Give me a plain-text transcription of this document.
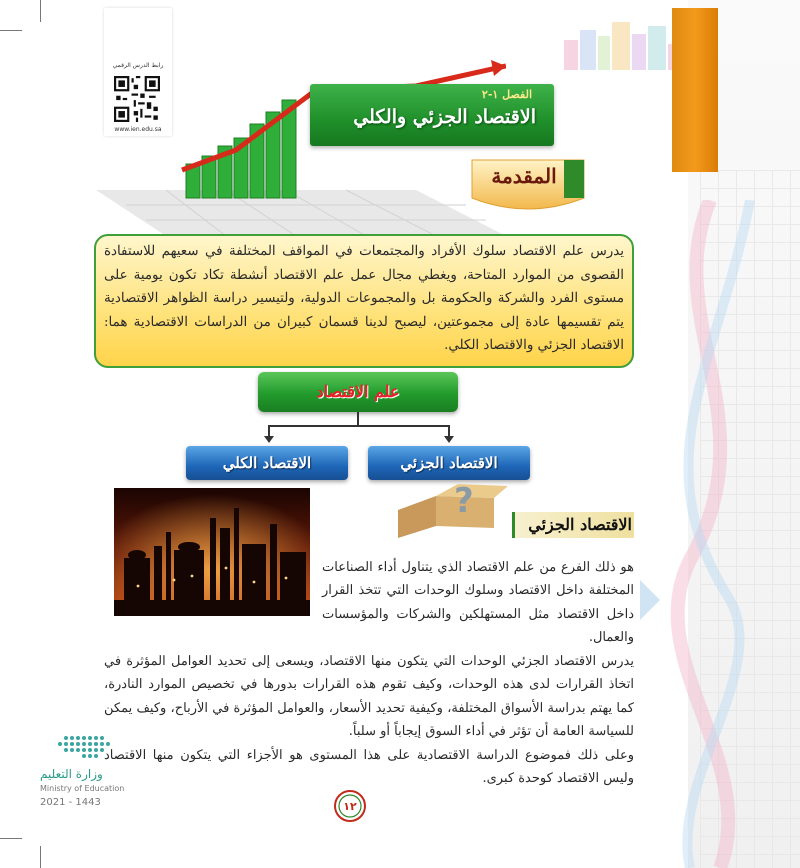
رابط الدرس الرقمي
www.ien.edu.sa
الفصل ١-٢
الاقتصاد الجزئي والكلي
المقدمة

يدرس علم الاقتصاد سلوك الأفراد والمجتمعات في المواقف المختلفة في سعيهم للاستفادة القصوى من الموارد المتاحة، ويغطي مجال عمل علم الاقتصاد أنشطة تكاد تكون يومية على مستوى الفرد والشركة والحكومة بل والمجموعات الدولية، ولتيسير دراسة الظواهر الاقتصادية يتم تقسيمها عادة إلى مجموعتين، ليصبح لدينا قسمان كبيران من الدراسات الاقتصادية هما: الاقتصاد الجزئي والاقتصاد الكلي.

علم الاقتصاد
الاقتصاد الكلي	الاقتصاد الجزئي
?
الاقتصاد الجزئي

هو ذلك الفرع من علم الاقتصاد الذي يتناول أداء الصناعات المختلفة داخل الاقتصاد وسلوك الوحدات التي تتخذ القرار داخل الاقتصاد مثل المستهلكين والشركات والمؤسسات والعمال.

يدرس الاقتصاد الجزئي الوحدات التي يتكون منها الاقتصاد، ويسعى إلى تحديد العوامل المؤثرة في اتخاذ القرارات لدى هذه الوحدات، وكيف تقوم هذه القرارات بدورها في تخصيص الموارد النادرة، كما يهتم بدراسة الأسواق المختلفة، وكيفية تحديد الأسعار، والعوامل المؤثرة في الأرباح، وكيف يمكن للسياسة العامة أن تؤثر في أداء السوق إيجاباً أو سلباً.

وعلى ذلك فموضوع الدراسة الاقتصادية على هذا المستوى هو الأجزاء التي يتكون منها الاقتصاد وليس الاقتصاد كوحدة كبرى.

١٢
وزارة التعليم
Ministry of Education
2021 - 1443
